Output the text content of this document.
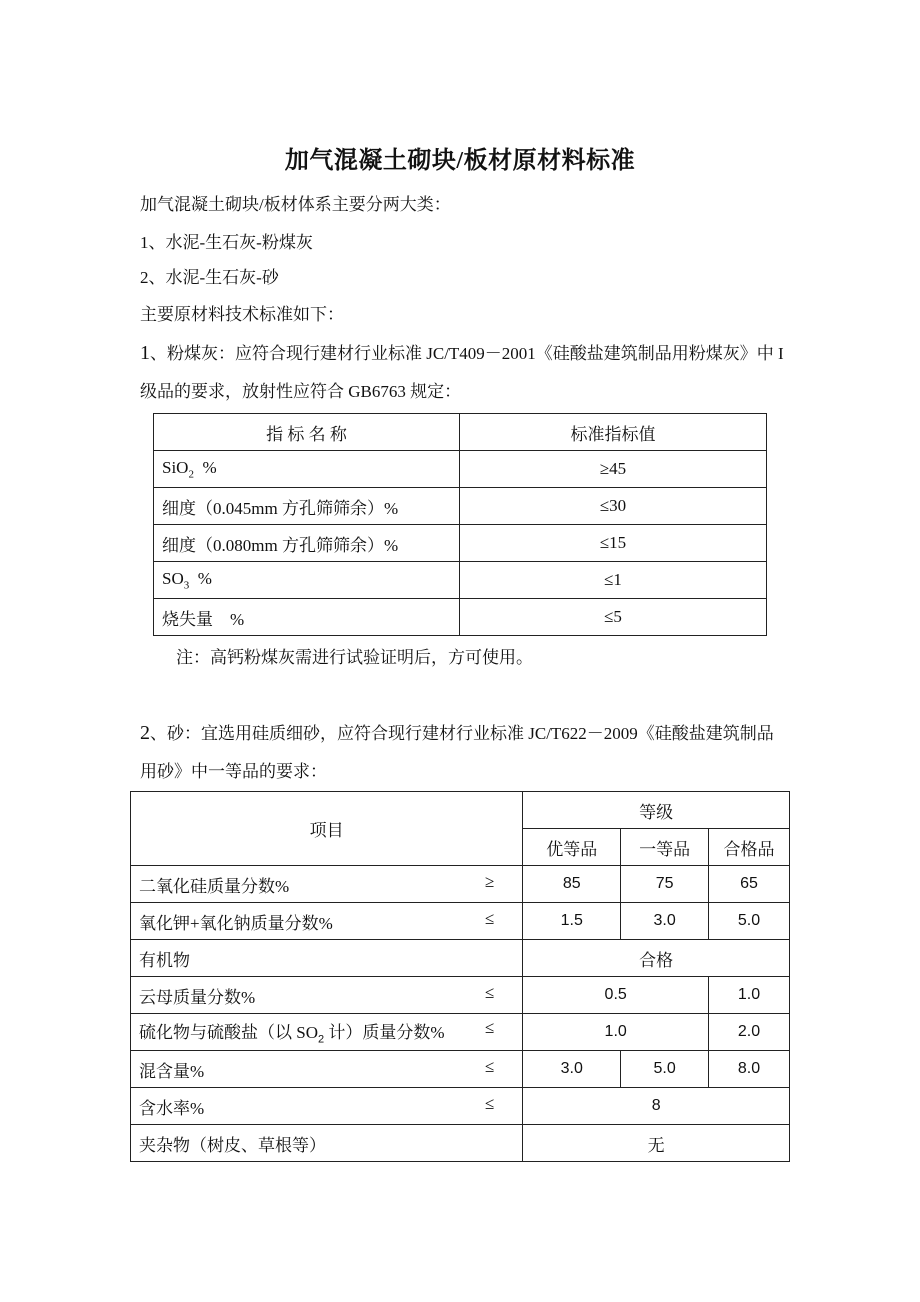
加气混凝土砌块/板材原材料标准
加气混凝土砌块/板材体系主要分两大类：
1、水泥-生石灰-粉煤灰
2、水泥-生石灰-砂
主要原材料技术标准如下：
1、粉煤灰：应符合现行建材行业标准 JC/T409－2001《硅酸盐建筑制品用粉煤灰》中 I 级品的要求，放射性应符合 GB6763 规定：
指 标 名 称	标准指标值
SiO$_2$  %	≥45
细度（0.045mm 方孔筛筛余）%	≤30
细度（0.080mm 方孔筛筛余）%	≤15
$SO_3$  %	≤1
烧失量    %	≤5
注：高钙粉煤灰需进行试验证明后，方可使用。
2、砂：宜选用硅质细砂，应符合现行建材行业标准 JC/T622－2009《硅酸盐建筑制品用砂》中一等品的要求：
项目	等级		
	优等品	一等品	合格品

二氧化硅质量分数% ≥	85	75	65

氧化钾+氧化钠质量分数% ≤	1.5	3.0	5.0

有机物	合格		

云母质量分数% ≤	0.5		1.0

硫化物与硫酸盐（以 $SO_2$ 计）质量分数% ≤	1.0		2.0

混含量% ≤	3.0	5.0	8.0

含水率% ≤	8		

夹杂物（树皮、草根等）	无		
